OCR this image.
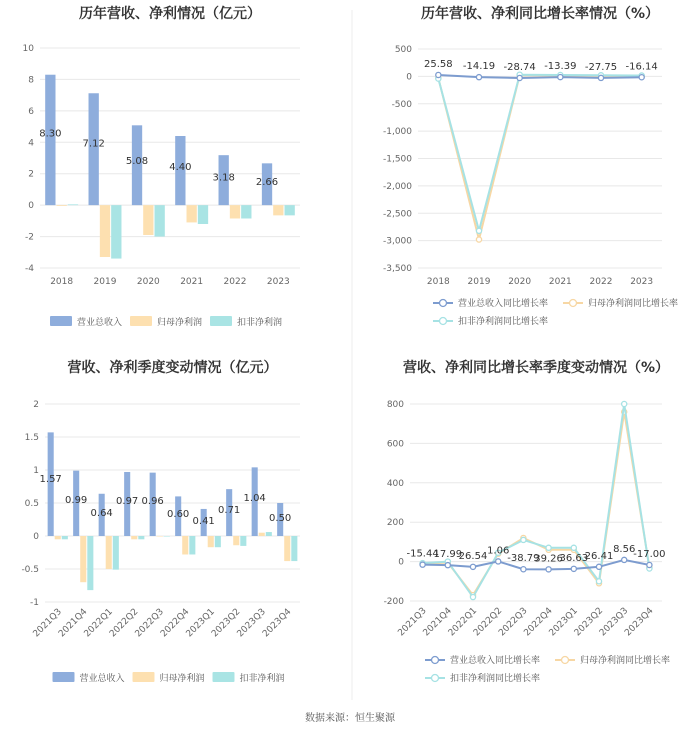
历年营收、净利情况（亿元）
-4
-2
0
2
4
6
8
10
2018 2019 2020 2021 2022 2023
8.30
7.12
5.08
4.40
3.18 2.66
营业总收入	归母净利润	扣非净利润
历年营收、净利同比增长率情况（%）
-3,500
-3,000
-2,500
-2,000
-1,500
-1,000
-500
0
500
2018 2019 2020 2021 2022 2023
25.58 -14.19 -28.74 -13.39 -27.75 -16.14
营业总收入同比增长率	归母净利润同比增长率
扣非净利润同比增长率
营收、净利季度变动情况（亿元）
-1
-0.5
0
0.5
1
1.5
2
2021Q3
2021Q4
2022Q1
2022Q2
2022Q3
2022Q4
2023Q1
2023Q2
2023Q3
2023Q4
1.57
0.99
0.64
0.97 0.96
0.60
0.41
0.71
1.04
0.50
营业总收入	归母净利润	扣非净利润
营收、净利同比增长率季度变动情况（%）
-200
0
200
400
600
800
2021Q3
2021Q4
2022Q1
2022Q2
2022Q3
2022Q4
2023Q1
2023Q2
2023Q3
2023Q4
-15.44
17.99
26.54 1.06
-38.79
39.26
36.63
26.41
8.56
-17.00
营业总收入同比增长率	归母净利润同比增长率
扣非净利润同比增长率
数据来源：恒生聚源
